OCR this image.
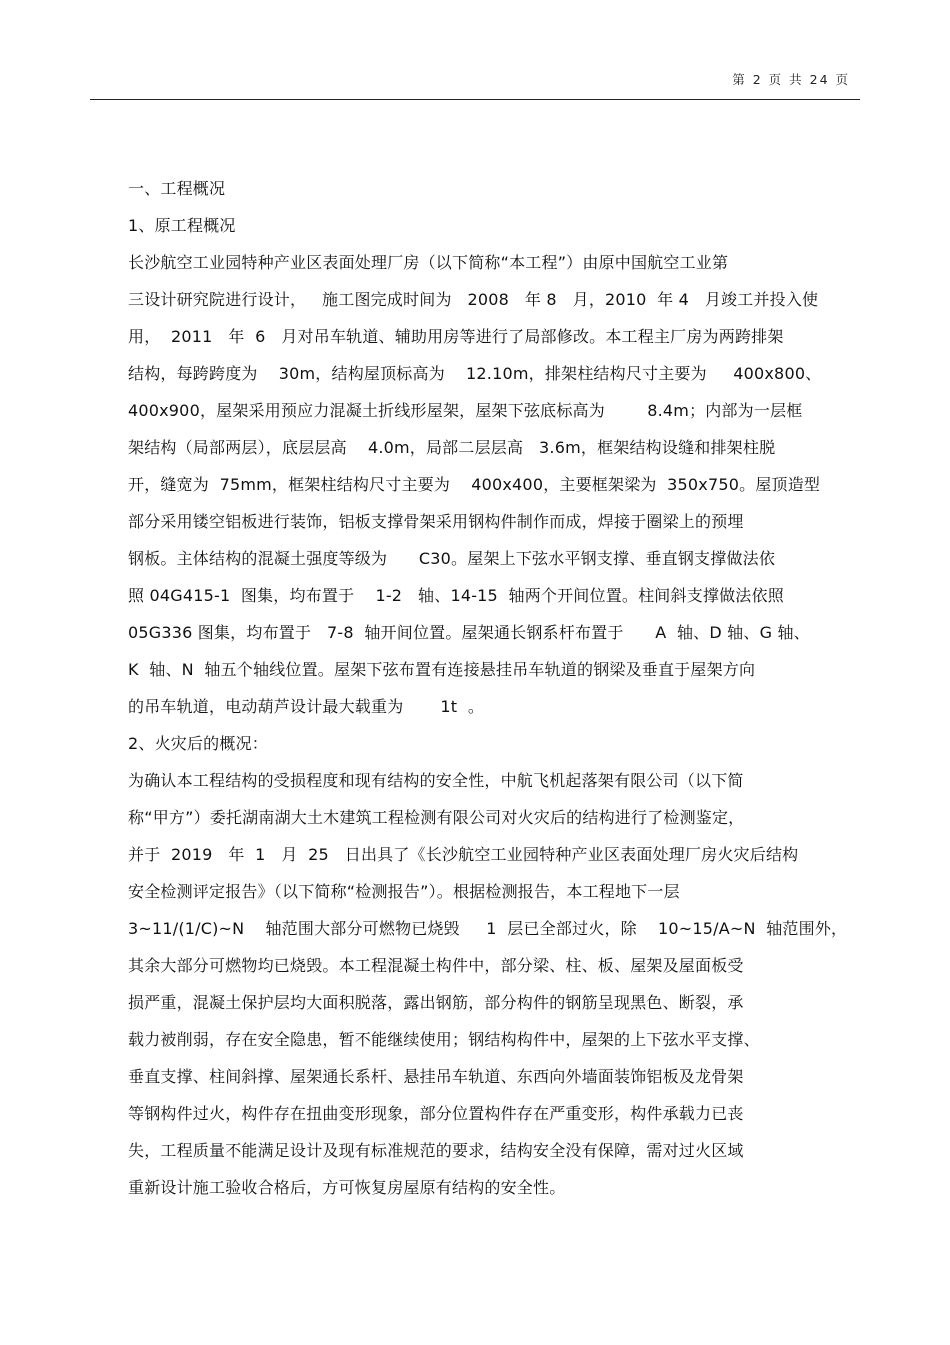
第 2 页 共 24 页
一、工程概况
1、原工程概况
长沙航空工业园特种产业区表面处理厂房（以下简称“本工程”）由原中国航空工业第
三设计研究院进行设计，   施工图完成时间为   2008   年 8   月，2010  年 4   月竣工并投入使
用，  2011   年  6   月对吊车轨道、辅助用房等进行了局部修改。本工程主厂房为两跨排架
结构，每跨跨度为    30m，结构屋顶标高为    12.10m，排架柱结构尺寸主要为     400x800、
400x900，屋架采用预应力混凝土折线形屋架，屋架下弦底标高为        8.4m；内部为一层框
架结构（局部两层），底层层高    4.0m，局部二层层高   3.6m，框架结构设缝和排架柱脱
开，缝宽为  75mm，框架柱结构尺寸主要为    400x400，主要框架梁为  350x750。屋顶造型
部分采用镂空铝板进行装饰，铝板支撑骨架采用钢构件制作而成，焊接于圈梁上的预埋
钢板。主体结构的混凝土强度等级为      C30。屋架上下弦水平钢支撑、垂直钢支撑做法依
照 04G415-1  图集，均布置于    1-2   轴、14-15  轴两个开间位置。柱间斜支撑做法依照
05G336 图集，均布置于   7-8  轴开间位置。屋架通长钢系杆布置于      A  轴、D 轴、G 轴、
K  轴、N  轴五个轴线位置。屋架下弦布置有连接悬挂吊车轨道的钢梁及垂直于屋架方向
的吊车轨道，电动葫芦设计最大载重为       1t  。
2、火灾后的概况：
为确认本工程结构的受损程度和现有结构的安全性，中航飞机起落架有限公司（以下简
称“甲方”）委托湖南湖大土木建筑工程检测有限公司对火灾后的结构进行了检测鉴定，
并于  2019   年  1   月  25   日出具了《长沙航空工业园特种产业区表面处理厂房火灾后结构
安全检测评定报告》（以下简称“检测报告”）。根据检测报告，本工程地下一层
3~11/(1/C)~N    轴范围大部分可燃物已烧毁     1  层已全部过火，除    10~15/A~N  轴范围外，
其余大部分可燃物均已烧毁。本工程混凝土构件中，部分梁、柱、板、屋架及屋面板受
损严重，混凝土保护层均大面积脱落，露出钢筋，部分构件的钢筋呈现黑色、断裂，承
载力被削弱，存在安全隐患，暂不能继续使用；钢结构构件中，屋架的上下弦水平支撑、
垂直支撑、柱间斜撑、屋架通长系杆、悬挂吊车轨道、东西向外墙面装饰铝板及龙骨架
等钢构件过火，构件存在扭曲变形现象，部分位置构件存在严重变形，构件承载力已丧
失，工程质量不能满足设计及现有标准规范的要求，结构安全没有保障，需对过火区域
重新设计施工验收合格后，方可恢复房屋原有结构的安全性。
